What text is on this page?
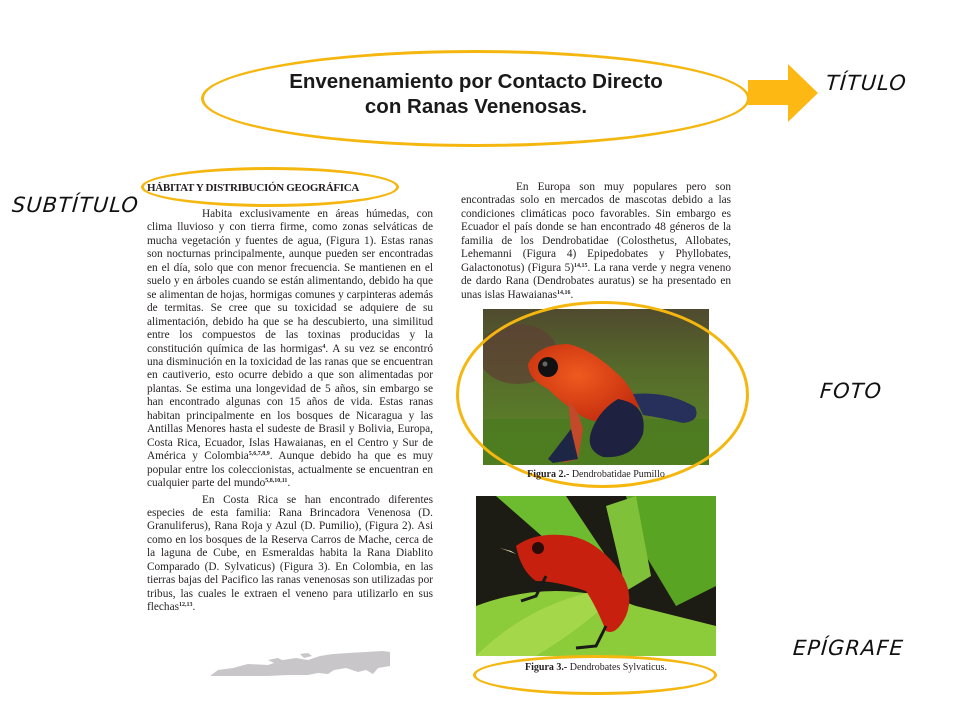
Envenenamiento por Contacto Directo
con Ranas Venenosas.
TÍTULO
SUBTÍTULO
HÁBITAT Y DISTRIBUCIÓN GEOGRÁFICA

Habita exclusivamente en áreas húmedas, con clima lluvioso y con tierra firme, como zonas selváticas de mucha vegetación y fuentes de agua, (Figura 1). Estas ranas son nocturnas principalmente, aunque pueden ser encontradas en el día, solo que con menor frecuencia. Se mantienen en el suelo y en árboles cuando se están alimentando, debido ha que se alimentan de hojas, hormigas comunes y carpinteras además de termitas. Se cree que su toxicidad se adquiere de su alimentación, debido ha que se ha descubierto, una similitud entre los compuestos de las toxinas producidas y la constitución química de las hormigas$^4$. A su vez se encontró una disminución en la toxicidad de las ranas que se encuentran en cautiverio, esto ocurre debido a que son alimentadas por plantas. Se estima una longevidad de 5 años, sin embargo se han encontrado algunas con 15 años de vida. Estas ranas habitan principalmente en los bosques de Nicaragua y las Antillas Menores hasta el sudeste de Brasil y Bolivia, Europa, Costa Rica, Ecuador, Islas Hawaianas, en el Centro y Sur de América y Colombia$^{5,6,7,8,9}$. Aunque debido ha que es muy popular entre los coleccionistas, actualmente se encuentran en cualquier parte del mundo$^{5,8,10,11}$.

En Costa Rica se han encontrado diferentes especies de esta familia: Rana Brincadora Venenosa (D. Granuliferus), Rana Roja y Azul (D. Pumilio), (Figura 2). Asi como en los bosques de la Reserva Carros de Mache, cerca de la laguna de Cube, en Esmeraldas habita la Rana Diablito Comparado (D. Sylvaticus) (Figura 3). En Colombia, en las tierras bajas del Pacifico las ranas venenosas son utilizadas por tribus, las cuales le extraen el veneno para utilizarlo en sus flechas$^{12,13}$.

En Europa son muy populares pero son encontradas solo en mercados de mascotas debido a las condiciones climáticas poco favorables. Sin embargo es Ecuador el país donde se han encontrado 48 géneros de la familia de los Dendrobatidae (Colosthetus, Allobates, Lehemanni (Figura 4) Epipedobates y Phyllobates, Galactonotus) (Figura 5)$^{14,15}$. La rana verde y negra veneno de dardo Rana (Dendrobates auratus) se ha presentado en unas islas Hawaianas$^{14,16}$.

Figura 2.- Dendrobatidae Pumillo
FOTO
Figura 3.- Dendrobates Sylvaticus.
EPÍGRAFE
